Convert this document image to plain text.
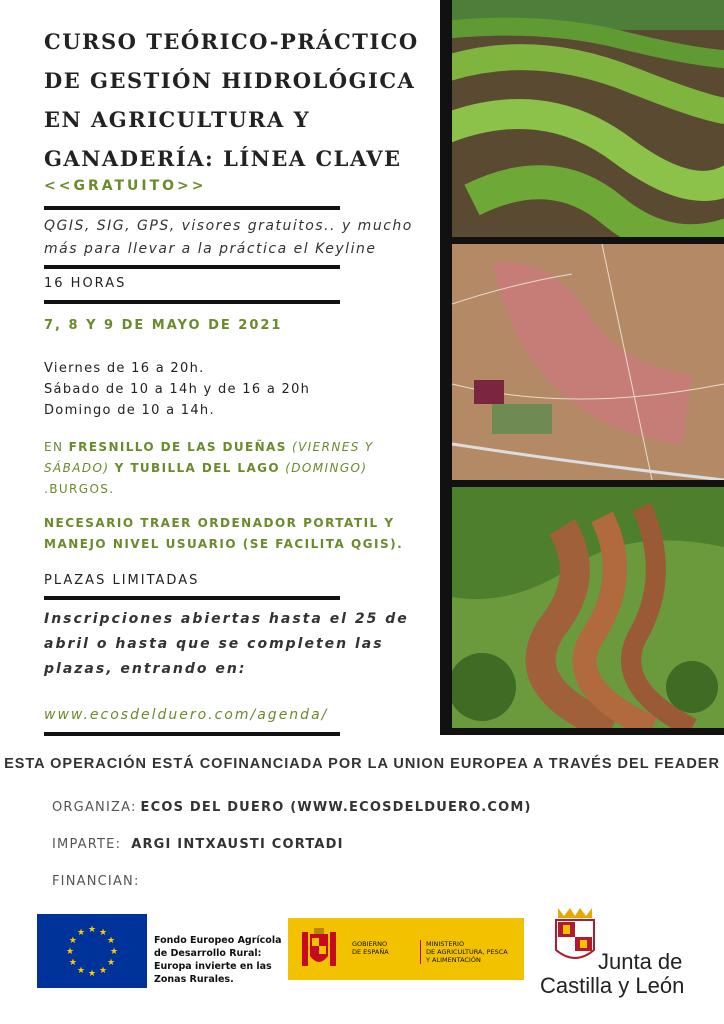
CURSO TEÓRICO-PRÁCTICO DE GESTIÓN HIDROLÓGICA EN AGRICULTURA Y GANADERÍA: LÍNEA CLAVE
<<GRATUITO>>
QGIS, SIG, GPS, visores gratuitos.. y mucho más para llevar a la práctica el Keyline
16 HORAS
7, 8 Y 9 DE MAYO DE 2021
Viernes de 16 a 20h.
Sábado de 10 a 14h y de 16 a 20h
Domingo de 10 a 14h.
EN FRESNILLO DE LAS DUEÑAS (VIERNES Y SÁBADO) Y TUBILLA DEL LAGO (DOMINGO)
.BURGOS.
NECESARIO TRAER ORDENADOR PORTATIL Y MANEJO NIVEL USUARIO (SE FACILITA QGIS).
PLAZAS LIMITADAS
Inscripciones abiertas hasta el 25 de abril o hasta que se completen las plazas, entrando en:
www.ecosdelduero.com/agenda/
ESTA OPERACIÓN ESTÁ COFINANCIADA POR LA UNION EUROPEA A TRAVÉS DEL FEADER
ORGANIZA: ECOS DEL DUERO (WWW.ECOSDELDUERO.COM)
IMPARTE: ARGI INTXAUSTI CORTADI
FINANCIAN:
★
★
★
★
★
★
★
★
★ ★ ★
★	Fondo Europeo Agrícola
de Desarrollo Rural:
Europa invierte en las
Zonas Rurales.
GOBIERNO
DE ESPAÑA
MINISTERIO
DE AGRICULTURA, PESCA
Y ALIMENTACIÓN	Junta de
Castilla y León
